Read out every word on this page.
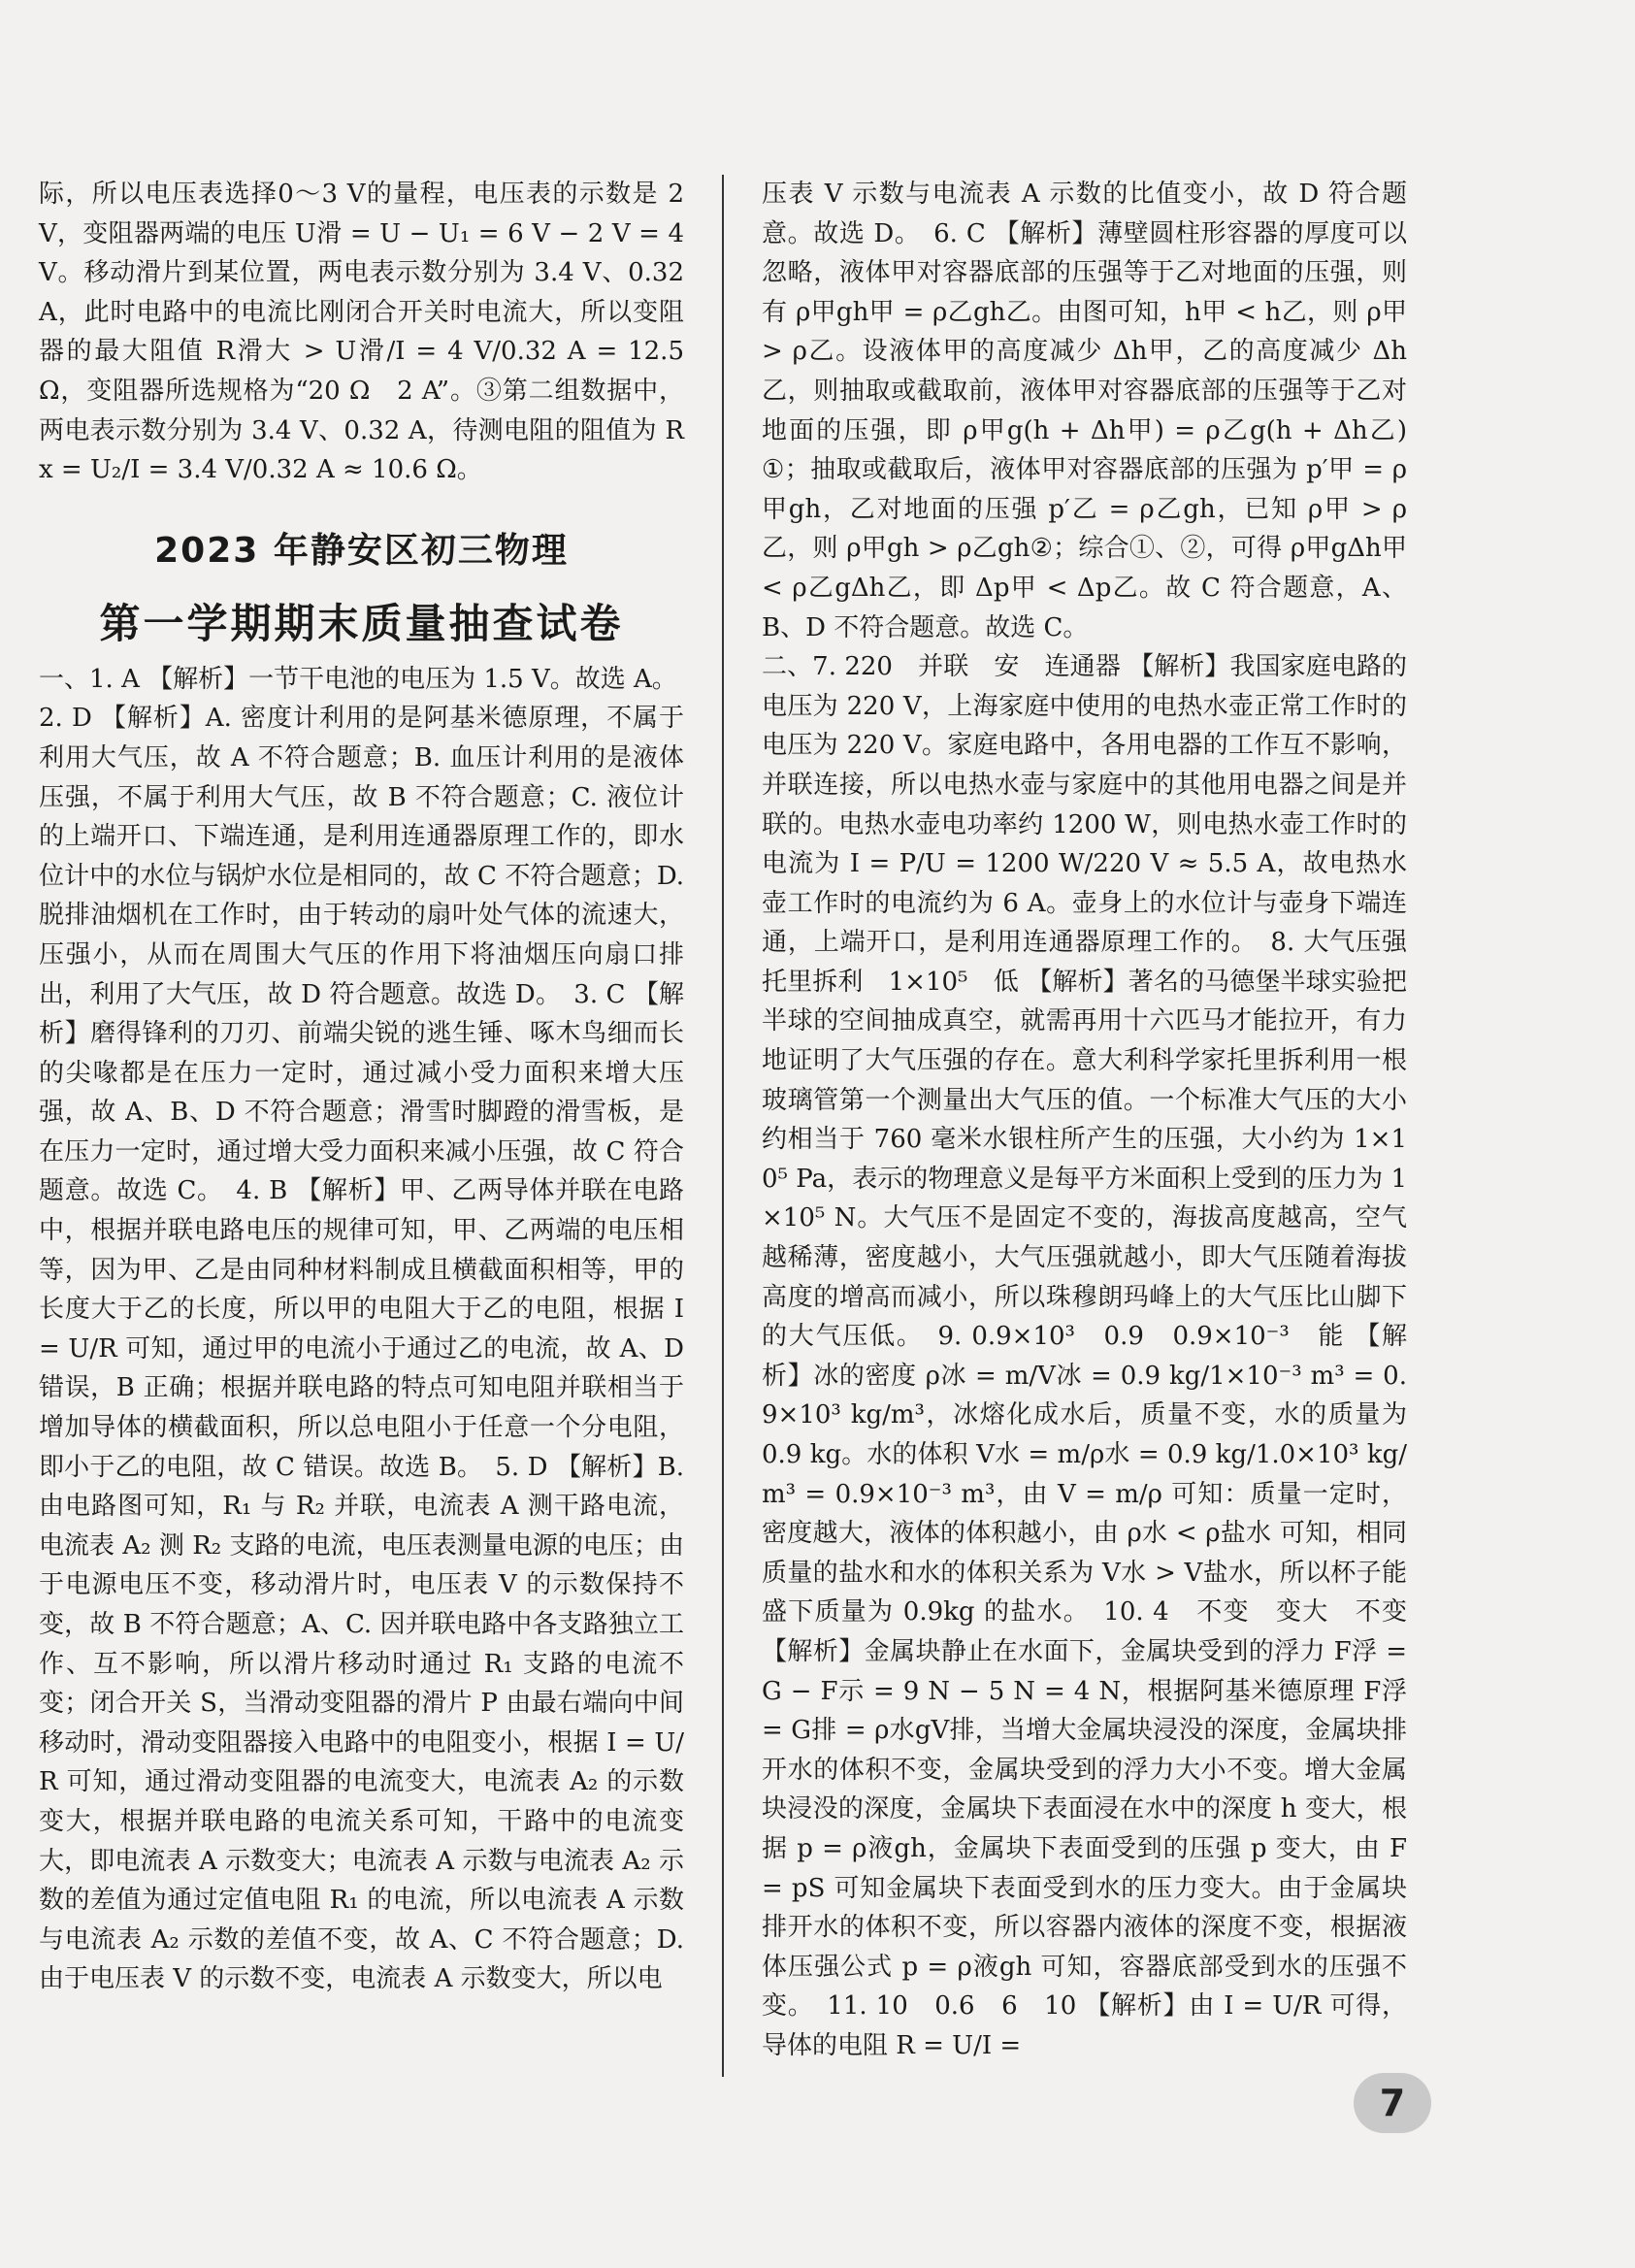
际，所以电压表选择0～3 V的量程，电压表的示数是 2 V，变阻器两端的电压 U滑 = U − U₁ = 6 V − 2 V = 4 V。移动滑片到某位置，两电表示数分别为 3.4 V、0.32 A，此时电路中的电流比刚闭合开关时电流大，所以变阻器的最大阻值 R滑大 > U滑/I = 4 V/0.32 A = 12.5 Ω，变阻器所选规格为“20 Ω　2 A”。③第二组数据中，两电表示数分别为 3.4 V、0.32 A，待测电阻的阻值为 Rx = U₂/I = 3.4 V/0.32 A ≈ 10.6 Ω。

2023 年静安区初三物理
第一学期期末质量抽查试卷

一、1. A 【解析】一节干电池的电压为 1.5 V。故选 A。

2. D 【解析】A. 密度计利用的是阿基米德原理，不属于利用大气压，故 A 不符合题意；B. 血压计利用的是液体压强，不属于利用大气压，故 B 不符合题意；C. 液位计的上端开口、下端连通，是利用连通器原理工作的，即水位计中的水位与锅炉水位是相同的，故 C 不符合题意；D. 脱排油烟机在工作时，由于转动的扇叶处气体的流速大，压强小，从而在周围大气压的作用下将油烟压向扇口排出，利用了大气压，故 D 符合题意。故选 D。　3. C 【解析】磨得锋利的刀刃、前端尖锐的逃生锤、啄木鸟细而长的尖喙都是在压力一定时，通过减小受力面积来增大压强，故 A、B、D 不符合题意；滑雪时脚蹬的滑雪板，是在压力一定时，通过增大受力面积来减小压强，故 C 符合题意。故选 C。　4. B 【解析】甲、乙两导体并联在电路中，根据并联电路电压的规律可知，甲、乙两端的电压相等，因为甲、乙是由同种材料制成且横截面积相等，甲的长度大于乙的长度，所以甲的电阻大于乙的电阻，根据 I = U/R 可知，通过甲的电流小于通过乙的电流，故 A、D 错误，B 正确；根据并联电路的特点可知电阻并联相当于增加导体的横截面积，所以总电阻小于任意一个分电阻，即小于乙的电阻，故 C 错误。故选 B。　5. D 【解析】B. 由电路图可知，R₁ 与 R₂ 并联，电流表 A 测干路电流，电流表 A₂ 测 R₂ 支路的电流，电压表测量电源的电压；由于电源电压不变，移动滑片时，电压表 V 的示数保持不变，故 B 不符合题意；A、C. 因并联电路中各支路独立工作、互不影响，所以滑片移动时通过 R₁ 支路的电流不变；闭合开关 S，当滑动变阻器的滑片 P 由最右端向中间移动时，滑动变阻器接入电路中的电阻变小，根据 I = U/R 可知，通过滑动变阻器的电流变大，电流表 A₂ 的示数变大，根据并联电路的电流关系可知，干路中的电流变大，即电流表 A 示数变大；电流表 A 示数与电流表 A₂ 示数的差值为通过定值电阻 R₁ 的电流，所以电流表 A 示数与电流表 A₂ 示数的差值不变，故 A、C 不符合题意；D. 由于电压表 V 的示数不变，电流表 A 示数变大，所以电

压表 V 示数与电流表 A 示数的比值变小，故 D 符合题意。故选 D。　6. C 【解析】薄壁圆柱形容器的厚度可以忽略，液体甲对容器底部的压强等于乙对地面的压强，则有 ρ甲gh甲 = ρ乙gh乙。由图可知，h甲 < h乙，则 ρ甲 > ρ乙。设液体甲的高度减少 Δh甲，乙的高度减少 Δh乙，则抽取或截取前，液体甲对容器底部的压强等于乙对地面的压强，即 ρ甲g(h + Δh甲) = ρ乙g(h + Δh乙)①；抽取或截取后，液体甲对容器底部的压强为 p′甲 = ρ甲gh，乙对地面的压强 p′乙 = ρ乙gh，已知 ρ甲 > ρ乙，则 ρ甲gh > ρ乙gh②；综合①、②，可得 ρ甲gΔh甲 < ρ乙gΔh乙，即 Δp甲 < Δp乙。故 C 符合题意，A、B、D 不符合题意。故选 C。

二、7. 220　并联　安　连通器 【解析】我国家庭电路的电压为 220 V，上海家庭中使用的电热水壶正常工作时的电压为 220 V。家庭电路中，各用电器的工作互不影响，并联连接，所以电热水壶与家庭中的其他用电器之间是并联的。电热水壶电功率约 1200 W，则电热水壶工作时的电流为 I = P/U = 1200 W/220 V ≈ 5.5 A，故电热水壶工作时的电流约为 6 A。壶身上的水位计与壶身下端连通，上端开口，是利用连通器原理工作的。　8. 大气压强　托里拆利　1×10⁵　低 【解析】著名的马德堡半球实验把半球的空间抽成真空，就需再用十六匹马才能拉开，有力地证明了大气压强的存在。意大利科学家托里拆利用一根玻璃管第一个测量出大气压的值。一个标准大气压的大小约相当于 760 毫米水银柱所产生的压强，大小约为 1×10⁵ Pa，表示的物理意义是每平方米面积上受到的压力为 1×10⁵ N。大气压不是固定不变的，海拔高度越高，空气越稀薄，密度越小，大气压强就越小，即大气压随着海拔高度的增高而减小，所以珠穆朗玛峰上的大气压比山脚下的大气压低。　9. 0.9×10³　0.9　0.9×10⁻³　能 【解析】冰的密度 ρ冰 = m/V冰 = 0.9 kg/1×10⁻³ m³ = 0.9×10³ kg/m³，冰熔化成水后，质量不变，水的质量为 0.9 kg。水的体积 V水 = m/ρ水 = 0.9 kg/1.0×10³ kg/m³ = 0.9×10⁻³ m³，由 V = m/ρ 可知：质量一定时，密度越大，液体的体积越小，由 ρ水 < ρ盐水 可知，相同质量的盐水和水的体积关系为 V水 > V盐水，所以杯子能盛下质量为 0.9kg 的盐水。　10. 4　不变　变大　不变 【解析】金属块静止在水面下，金属块受到的浮力 F浮 = G − F示 = 9 N − 5 N = 4 N，根据阿基米德原理 F浮 = G排 = ρ水gV排，当增大金属块浸没的深度，金属块排开水的体积不变，金属块受到的浮力大小不变。增大金属块浸没的深度，金属块下表面浸在水中的深度 h 变大，根据 p = ρ液gh，金属块下表面受到的压强 p 变大，由 F = pS 可知金属块下表面受到水的压力变大。由于金属块排开水的体积不变，所以容器内液体的深度不变，根据液体压强公式 p = ρ液gh 可知，容器底部受到水的压强不变。　11. 10　0.6　6　10 【解析】由 I = U/R 可得，导体的电阻 R = U/I =

7
